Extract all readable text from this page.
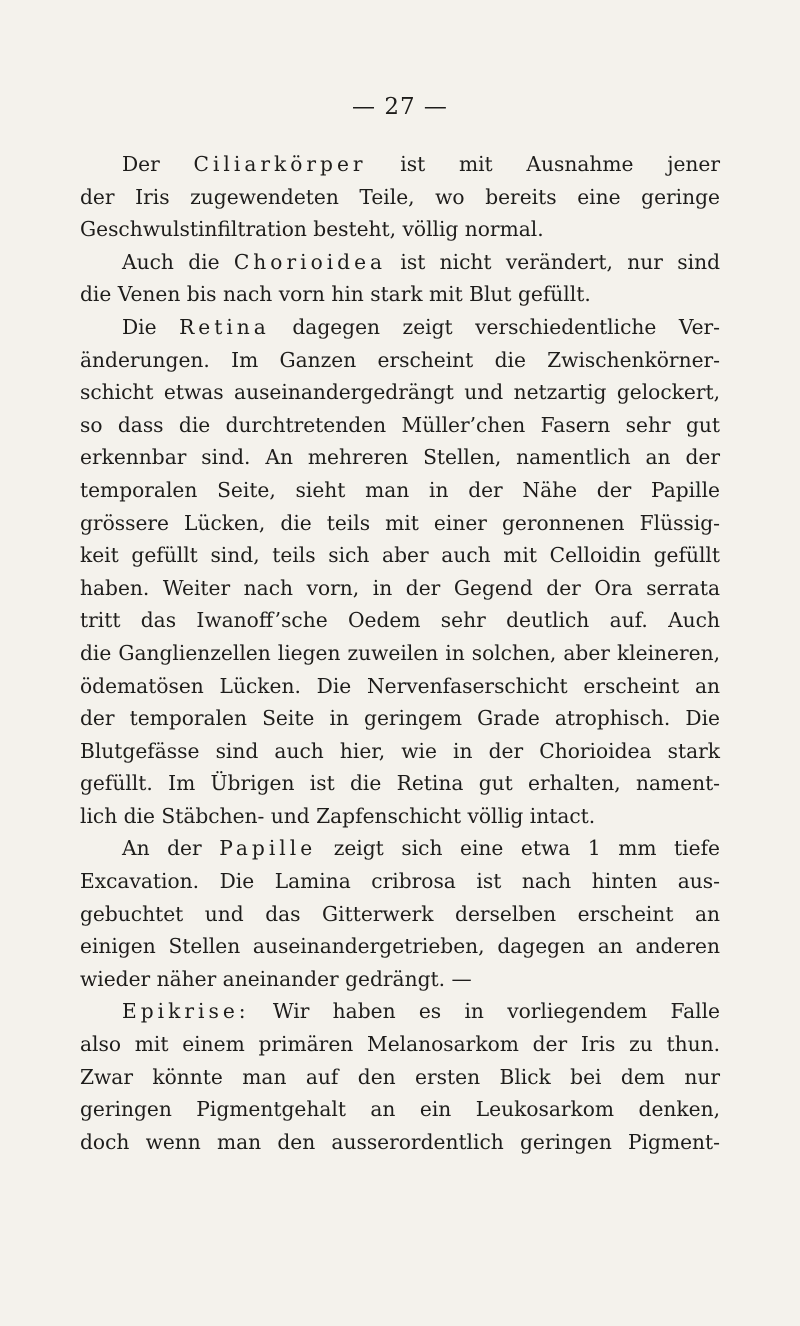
— 27 —
Der Ciliarkörper ist mit Ausnahme jener
der Iris zugewendeten Teile, wo bereits eine geringe
Geschwulstinfiltration besteht, völlig normal.
Auch die Chorioidea ist nicht verändert, nur sind
die Venen bis nach vorn hin stark mit Blut gefüllt.
Die Retina dagegen zeigt verschiedentliche Ver-
änderungen. Im Ganzen erscheint die Zwischenkörner-
schicht etwas auseinandergedrängt und netzartig gelockert,
so dass die durchtretenden Müller’chen Fasern sehr gut
erkennbar sind. An mehreren Stellen, namentlich an der
temporalen Seite, sieht man in der Nähe der Papille
grössere Lücken, die teils mit einer geronnenen Flüssig-
keit gefüllt sind, teils sich aber auch mit Celloidin gefüllt
haben. Weiter nach vorn, in der Gegend der Ora serrata
tritt das Iwanoff’sche Oedem sehr deutlich auf. Auch
die Ganglienzellen liegen zuweilen in solchen, aber kleineren,
ödematösen Lücken. Die Nervenfaserschicht erscheint an
der temporalen Seite in geringem Grade atrophisch. Die
Blutgefässe sind auch hier, wie in der Chorioidea stark
gefüllt. Im Übrigen ist die Retina gut erhalten, nament-
lich die Stäbchen- und Zapfenschicht völlig intact.
An der Papille zeigt sich eine etwa 1 mm tiefe
Excavation. Die Lamina cribrosa ist nach hinten aus-
gebuchtet und das Gitterwerk derselben erscheint an
einigen Stellen auseinandergetrieben, dagegen an anderen
wieder näher aneinander gedrängt. —
Epikrise: Wir haben es in vorliegendem Falle
also mit einem primären Melanosarkom der Iris zu thun.
Zwar könnte man auf den ersten Blick bei dem nur
geringen Pigmentgehalt an ein Leukosarkom denken,
doch wenn man den ausserordentlich geringen Pigment-
